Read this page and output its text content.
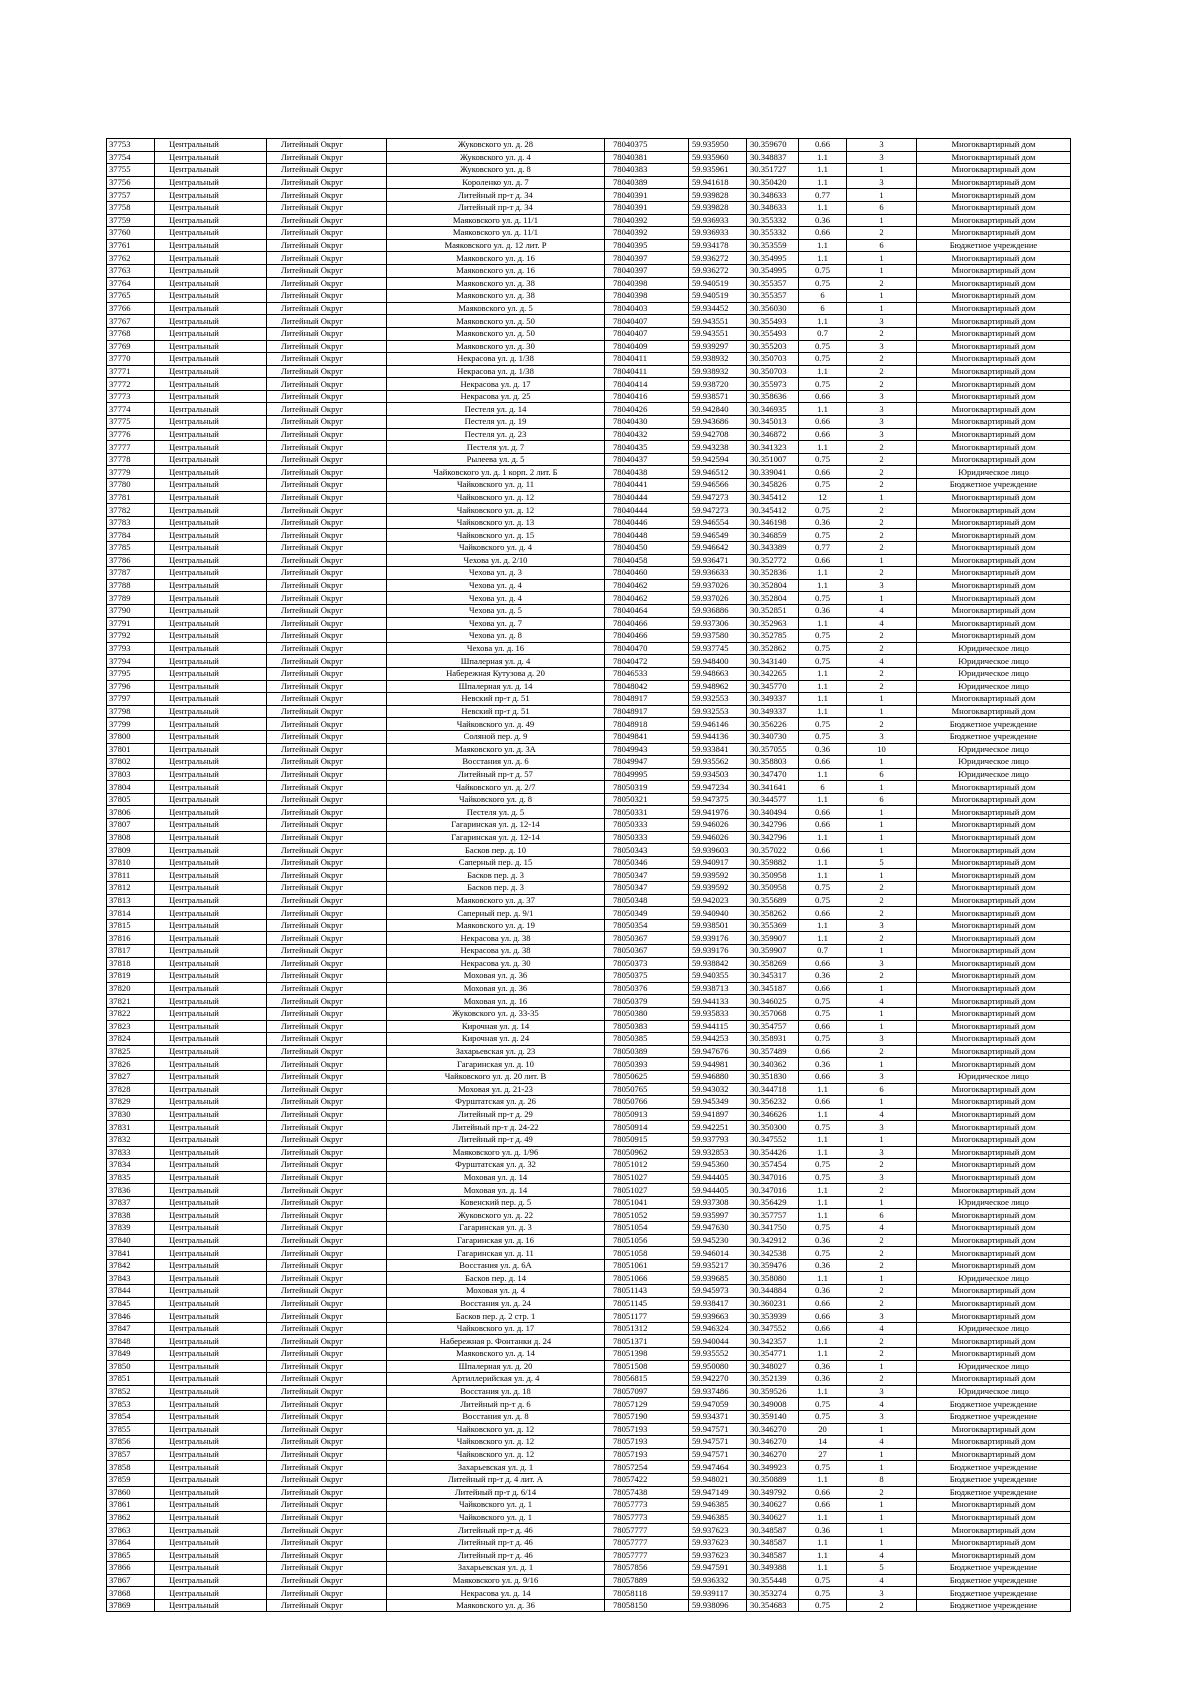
37753	Центральный	Литейный Округ	Жуковского ул. д. 28	78040375	59.935950	30.359670	0.66	3	Многоквартирный дом
37754	Центральный	Литейный Округ	Жуковского ул. д. 4	78040381	59.935960	30.348837	1.1	3	Многоквартирный дом
37755	Центральный	Литейный Округ	Жуковского ул. д. 8	78040383	59.935961	30.351727	1.1	1	Многоквартирный дом
37756	Центральный	Литейный Округ	Короленко ул. д. 7	78040389	59.941618	30.350420	1.1	3	Многоквартирный дом
37757	Центральный	Литейный Округ	Литейный пр-т д. 34	78040391	59.939828	30.348633	0.77	1	Многоквартирный дом
37758	Центральный	Литейный Округ	Литейный пр-т д. 34	78040391	59.939828	30.348633	1.1	6	Многоквартирный дом
37759	Центральный	Литейный Округ	Маяковского ул. д. 11/1	78040392	59.936933	30.355332	0.36	1	Многоквартирный дом
37760	Центральный	Литейный Округ	Маяковского ул. д. 11/1	78040392	59.936933	30.355332	0.66	2	Многоквартирный дом
37761	Центральный	Литейный Округ	Маяковского ул. д. 12 лит. Р	78040395	59.934178	30.353559	1.1	6	Бюджетное учреждение
37762	Центральный	Литейный Округ	Маяковского ул. д. 16	78040397	59.936272	30.354995	1.1	1	Многоквартирный дом
37763	Центральный	Литейный Округ	Маяковского ул. д. 16	78040397	59.936272	30.354995	0.75	1	Многоквартирный дом
37764	Центральный	Литейный Округ	Маяковского ул. д. 38	78040398	59.940519	30.355357	0.75	2	Многоквартирный дом
37765	Центральный	Литейный Округ	Маяковского ул. д. 38	78040398	59.940519	30.355357	6	1	Многоквартирный дом
37766	Центральный	Литейный Округ	Маяковского ул. д. 5	78040403	59.934452	30.356030	6	1	Многоквартирный дом
37767	Центральный	Литейный Округ	Маяковского ул. д. 50	78040407	59.943551	30.355493	1.1	3	Многоквартирный дом
37768	Центральный	Литейный Округ	Маяковского ул. д. 50	78040407	59.943551	30.355493	0.7	2	Многоквартирный дом
37769	Центральный	Литейный Округ	Маяковского ул. д. 30	78040409	59.939297	30.355203	0.75	3	Многоквартирный дом
37770	Центральный	Литейный Округ	Некрасова ул. д. 1/38	78040411	59.938932	30.350703	0.75	2	Многоквартирный дом
37771	Центральный	Литейный Округ	Некрасова ул. д. 1/38	78040411	59.938932	30.350703	1.1	2	Многоквартирный дом
37772	Центральный	Литейный Округ	Некрасова ул. д. 17	78040414	59.938720	30.355973	0.75	2	Многоквартирный дом
37773	Центральный	Литейный Округ	Некрасова ул. д. 25	78040416	59.938571	30.358636	0.66	3	Многоквартирный дом
37774	Центральный	Литейный Округ	Пестеля ул. д. 14	78040426	59.942840	30.346935	1.1	3	Многоквартирный дом
37775	Центральный	Литейный Округ	Пестеля ул. д. 19	78040430	59.943686	30.345013	0.66	3	Многоквартирный дом
37776	Центральный	Литейный Округ	Пестеля ул. д. 23	78040432	59.942708	30.346872	0.66	3	Многоквартирный дом
37777	Центральный	Литейный Округ	Пестеля ул. д. 7	78040435	59.943238	30.341323	1.1	2	Многоквартирный дом
37778	Центральный	Литейный Округ	Рылеева ул. д. 5	78040437	59.942594	30.351007	0.75	2	Многоквартирный дом
37779	Центральный	Литейный Округ	Чайковского ул. д. 1 корп. 2 лит. Б	78040438	59.946512	30.339041	0.66	2	Юридическое лицо
37780	Центральный	Литейный Округ	Чайковского ул. д. 11	78040441	59.946566	30.345826	0.75	2	Бюджетное учреждение
37781	Центральный	Литейный Округ	Чайковского ул. д. 12	78040444	59.947273	30.345412	12	1	Многоквартирный дом
37782	Центральный	Литейный Округ	Чайковского ул. д. 12	78040444	59.947273	30.345412	0.75	2	Многоквартирный дом
37783	Центральный	Литейный Округ	Чайковского ул. д. 13	78040446	59.946554	30.346198	0.36	2	Многоквартирный дом
37784	Центральный	Литейный Округ	Чайковского ул. д. 15	78040448	59.946549	30.346859	0.75	2	Многоквартирный дом
37785	Центральный	Литейный Округ	Чайковского ул. д. 4	78040450	59.946642	30.343389	0.77	2	Многоквартирный дом
37786	Центральный	Литейный Округ	Чехова ул. д. 2/10	78040458	59.936471	30.352772	0.66	1	Многоквартирный дом
37787	Центральный	Литейный Округ	Чехова ул. д. 3	78040460	59.936633	30.352836	1.1	2	Многоквартирный дом
37788	Центральный	Литейный Округ	Чехова ул. д. 4	78040462	59.937026	30.352804	1.1	3	Многоквартирный дом
37789	Центральный	Литейный Округ	Чехова ул. д. 4	78040462	59.937026	30.352804	0.75	1	Многоквартирный дом
37790	Центральный	Литейный Округ	Чехова ул. д. 5	78040464	59.936886	30.352851	0.36	4	Многоквартирный дом
37791	Центральный	Литейный Округ	Чехова ул. д. 7	78040466	59.937306	30.352963	1.1	4	Многоквартирный дом
37792	Центральный	Литейный Округ	Чехова ул. д. 8	78040466	59.937580	30.352785	0.75	2	Многоквартирный дом
37793	Центральный	Литейный Округ	Чехова ул. д. 16	78040470	59.937745	30.352862	0.75	2	Юридическое лицо
37794	Центральный	Литейный Округ	Шпалерная ул. д. 4	78040472	59.948400	30.343140	0.75	4	Юридическое лицо
37795	Центральный	Литейный Округ	Набережная Кутузова д. 20	78046533	59.948663	30.342265	1.1	2	Юридическое лицо
37796	Центральный	Литейный Округ	Шпалерная ул. д. 14	78048042	59.948962	30.345770	1.1	2	Юридическое лицо
37797	Центральный	Литейный Округ	Невский пр-т д. 51	78048917	59.932553	30.349337	1.1	1	Многоквартирный дом
37798	Центральный	Литейный Округ	Невский пр-т д. 51	78048917	59.932553	30.349337	1.1	1	Многоквартирный дом
37799	Центральный	Литейный Округ	Чайковского ул. д. 49	78048918	59.946146	30.356226	0.75	2	Бюджетное учреждение
37800	Центральный	Литейный Округ	Соляной пер. д. 9	78049841	59.944136	30.340730	0.75	3	Бюджетное учреждение
37801	Центральный	Литейный Округ	Маяковского ул. д. 3А	78049943	59.933841	30.357055	0.36	10	Юридическое лицо
37802	Центральный	Литейный Округ	Восстания ул. д. 6	78049947	59.935562	30.358803	0.66	1	Юридическое лицо
37803	Центральный	Литейный Округ	Литейный пр-т д. 57	78049995	59.934503	30.347470	1.1	6	Юридическое лицо
37804	Центральный	Литейный Округ	Чайковского ул. д. 2/7	78050319	59.947234	30.341641	6	1	Многоквартирный дом
37805	Центральный	Литейный Округ	Чайковского ул. д. 8	78050321	59.947375	30.344577	1.1	6	Многоквартирный дом
37806	Центральный	Литейный Округ	Пестеля ул. д. 5	78050331	59.941976	30.340494	0.66	1	Многоквартирный дом
37807	Центральный	Литейный Округ	Гагаринская ул. д. 12-14	78050333	59.946026	30.342796	0.66	1	Многоквартирный дом
37808	Центральный	Литейный Округ	Гагаринская ул. д. 12-14	78050333	59.946026	30.342796	1.1	1	Многоквартирный дом
37809	Центральный	Литейный Округ	Басков пер. д. 10	78050343	59.939603	30.357022	0.66	1	Многоквартирный дом
37810	Центральный	Литейный Округ	Саперный пер. д. 15	78050346	59.940917	30.359882	1.1	5	Многоквартирный дом
37811	Центральный	Литейный Округ	Басков пер. д. 3	78050347	59.939592	30.350958	1.1	1	Многоквартирный дом
37812	Центральный	Литейный Округ	Басков пер. д. 3	78050347	59.939592	30.350958	0.75	2	Многоквартирный дом
37813	Центральный	Литейный Округ	Маяковского ул. д. 37	78050348	59.942023	30.355689	0.75	2	Многоквартирный дом
37814	Центральный	Литейный Округ	Саперный пер. д. 9/1	78050349	59.940940	30.358262	0.66	2	Многоквартирный дом
37815	Центральный	Литейный Округ	Маяковского ул. д. 19	78050354	59.938501	30.355369	1.1	3	Многоквартирный дом
37816	Центральный	Литейный Округ	Некрасова ул. д. 38	78050367	59.939176	30.359907	1.1	2	Многоквартирный дом
37817	Центральный	Литейный Округ	Некрасова ул. д. 38	78050367	59.939176	30.359907	0.7	1	Многоквартирный дом
37818	Центральный	Литейный Округ	Некрасова ул. д. 30	78050373	59.938842	30.358269	0.66	3	Многоквартирный дом
37819	Центральный	Литейный Округ	Моховая ул. д. 36	78050375	59.940355	30.345317	0.36	2	Многоквартирный дом
37820	Центральный	Литейный Округ	Моховая ул. д. 36	78050376	59.938713	30.345187	0.66	1	Многоквартирный дом
37821	Центральный	Литейный Округ	Моховая ул. д. 16	78050379	59.944133	30.346025	0.75	4	Многоквартирный дом
37822	Центральный	Литейный Округ	Жуковского ул. д. 33-35	78050380	59.935833	30.357068	0.75	1	Многоквартирный дом
37823	Центральный	Литейный Округ	Кирочная ул. д. 14	78050383	59.944115	30.354757	0.66	1	Многоквартирный дом
37824	Центральный	Литейный Округ	Кирочная ул. д. 24	78050385	59.944253	30.358931	0.75	3	Многоквартирный дом
37825	Центральный	Литейный Округ	Захарьевская ул. д. 23	78050389	59.947676	30.357489	0.66	2	Многоквартирный дом
37826	Центральный	Литейный Округ	Гагаринская ул. д. 10	78050393	59.944981	30.340362	0.36	1	Многоквартирный дом
37827	Центральный	Литейный Округ	Чайковского ул. д. 20 лит. В	78050625	59.946880	30.351830	0.66	3	Юридическое лицо
37828	Центральный	Литейный Округ	Моховая ул. д. 21-23	78050765	59.943032	30.344718	1.1	6	Многоквартирный дом
37829	Центральный	Литейный Округ	Фурштатская ул. д. 26	78050766	59.945349	30.356232	0.66	1	Многоквартирный дом
37830	Центральный	Литейный Округ	Литейный пр-т д. 29	78050913	59.941897	30.346626	1.1	4	Многоквартирный дом
37831	Центральный	Литейный Округ	Литейный пр-т д. 24-22	78050914	59.942251	30.350300	0.75	3	Многоквартирный дом
37832	Центральный	Литейный Округ	Литейный пр-т д. 49	78050915	59.937793	30.347552	1.1	1	Многоквартирный дом
37833	Центральный	Литейный Округ	Маяковского ул. д. 1/96	78050962	59.932853	30.354426	1.1	3	Многоквартирный дом
37834	Центральный	Литейный Округ	Фурштатская ул. д. 32	78051012	59.945360	30.357454	0.75	2	Многоквартирный дом
37835	Центральный	Литейный Округ	Моховая ул. д. 14	78051027	59.944405	30.347016	0.75	3	Многоквартирный дом
37836	Центральный	Литейный Округ	Моховая ул. д. 14	78051027	59.944405	30.347016	1.1	2	Многоквартирный дом
37837	Центральный	Литейный Округ	Ковенский пер. д. 5	78051041	59.937308	30.356429	1.1	1	Юридическое лицо
37838	Центральный	Литейный Округ	Жуковского ул. д. 22	78051052	59.935997	30.357757	1.1	6	Многоквартирный дом
37839	Центральный	Литейный Округ	Гагаринская ул. д. 3	78051054	59.947630	30.341750	0.75	4	Многоквартирный дом
37840	Центральный	Литейный Округ	Гагаринская ул. д. 16	78051056	59.945230	30.342912	0.36	2	Многоквартирный дом
37841	Центральный	Литейный Округ	Гагаринская ул. д. 11	78051058	59.946014	30.342538	0.75	2	Многоквартирный дом
37842	Центральный	Литейный Округ	Восстания ул. д. 6А	78051061	59.935217	30.359476	0.36	2	Многоквартирный дом
37843	Центральный	Литейный Округ	Басков пер. д. 14	78051066	59.939685	30.358080	1.1	1	Юридическое лицо
37844	Центральный	Литейный Округ	Моховая ул. д. 4	78051143	59.945973	30.344884	0.36	2	Многоквартирный дом
37845	Центральный	Литейный Округ	Восстания ул. д. 24	78051145	59.938417	30.360231	0.66	2	Многоквартирный дом
37846	Центральный	Литейный Округ	Басков пер. д. 2 стр. 1	78051177	59.939663	30.353939	0.66	3	Многоквартирный дом
37847	Центральный	Литейный Округ	Чайковского ул. д. 17	78051312	59.946324	30.347552	0.66	4	Юридическое лицо
37848	Центральный	Литейный Округ	Набережная р. Фонтанки д. 24	78051371	59.940044	30.342357	1.1	2	Многоквартирный дом
37849	Центральный	Литейный Округ	Маяковского ул. д. 14	78051398	59.935552	30.354771	1.1	2	Многоквартирный дом
37850	Центральный	Литейный Округ	Шпалерная ул. д. 20	78051508	59.950080	30.348027	0.36	1	Юридическое лицо
37851	Центральный	Литейный Округ	Артиллерийская ул. д. 4	78056815	59.942270	30.352139	0.36	2	Многоквартирный дом
37852	Центральный	Литейный Округ	Восстания ул. д. 18	78057097	59.937486	30.359526	1.1	3	Юридическое лицо
37853	Центральный	Литейный Округ	Литейный пр-т д. 6	78057129	59.947059	30.349008	0.75	4	Бюджетное учреждение
37854	Центральный	Литейный Округ	Восстания ул. д. 8	78057190	59.934371	30.359140	0.75	3	Бюджетное учреждение
37855	Центральный	Литейный Округ	Чайковского ул. д. 12	78057193	59.947571	30.346270	20	1	Многоквартирный дом
37856	Центральный	Литейный Округ	Чайковского ул. д. 12	78057193	59.947571	30.346270	14	4	Многоквартирный дом
37857	Центральный	Литейный Округ	Чайковского ул. д. 12	78057193	59.947571	30.346270	27	1	Многоквартирный дом
37858	Центральный	Литейный Округ	Захарьевская ул. д. 1	78057254	59.947464	30.349923	0.75	1	Бюджетное учреждение
37859	Центральный	Литейный Округ	Литейный пр-т д. 4 лит. А	78057422	59.948021	30.350889	1.1	8	Бюджетное учреждение
37860	Центральный	Литейный Округ	Литейный пр-т д. 6/14	78057438	59.947149	30.349792	0.66	2	Бюджетное учреждение
37861	Центральный	Литейный Округ	Чайковского ул. д. 1	78057773	59.946385	30.340627	0.66	1	Многоквартирный дом
37862	Центральный	Литейный Округ	Чайковского ул. д. 1	78057773	59.946385	30.340627	1.1	1	Многоквартирный дом
37863	Центральный	Литейный Округ	Литейный пр-т д. 46	78057777	59.937623	30.348587	0.36	1	Многоквартирный дом
37864	Центральный	Литейный Округ	Литейный пр-т д. 46	78057777	59.937623	30.348587	1.1	1	Многоквартирный дом
37865	Центральный	Литейный Округ	Литейный пр-т д. 46	78057777	59.937623	30.348587	1.1	4	Многоквартирный дом
37866	Центральный	Литейный Округ	Захарьевская ул. д. 1	78057856	59.947591	30.349388	1.1	5	Бюджетное учреждение
37867	Центральный	Литейный Округ	Маяковского ул. д. 9/16	78057889	59.936332	30.355448	0.75	4	Бюджетное учреждение
37868	Центральный	Литейный Округ	Некрасова ул. д. 14	78058118	59.939117	30.353274	0.75	3	Бюджетное учреждение
37869	Центральный	Литейный Округ	Маяковского ул. д. 36	78058150	59.938096	30.354683	0.75	2	Бюджетное учреждение
